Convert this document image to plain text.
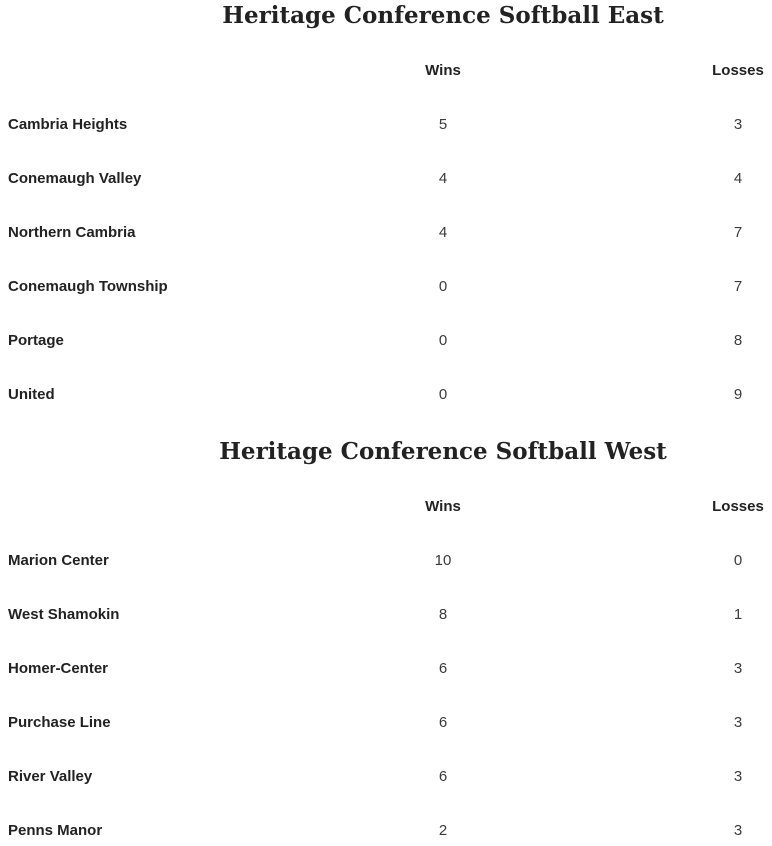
Heritage Conference Softball East
Wins	Losses
Cambria Heights	5	3
Conemaugh Valley	4	4
Northern Cambria	4	7
Conemaugh Township	0	7
Portage	0	8
United	0	9
Heritage Conference Softball West
Wins	Losses
Marion Center	10	0
West Shamokin	8	1
Homer-Center	6	3
Purchase Line	6	3
River Valley	6	3
Penns Manor	2	3
